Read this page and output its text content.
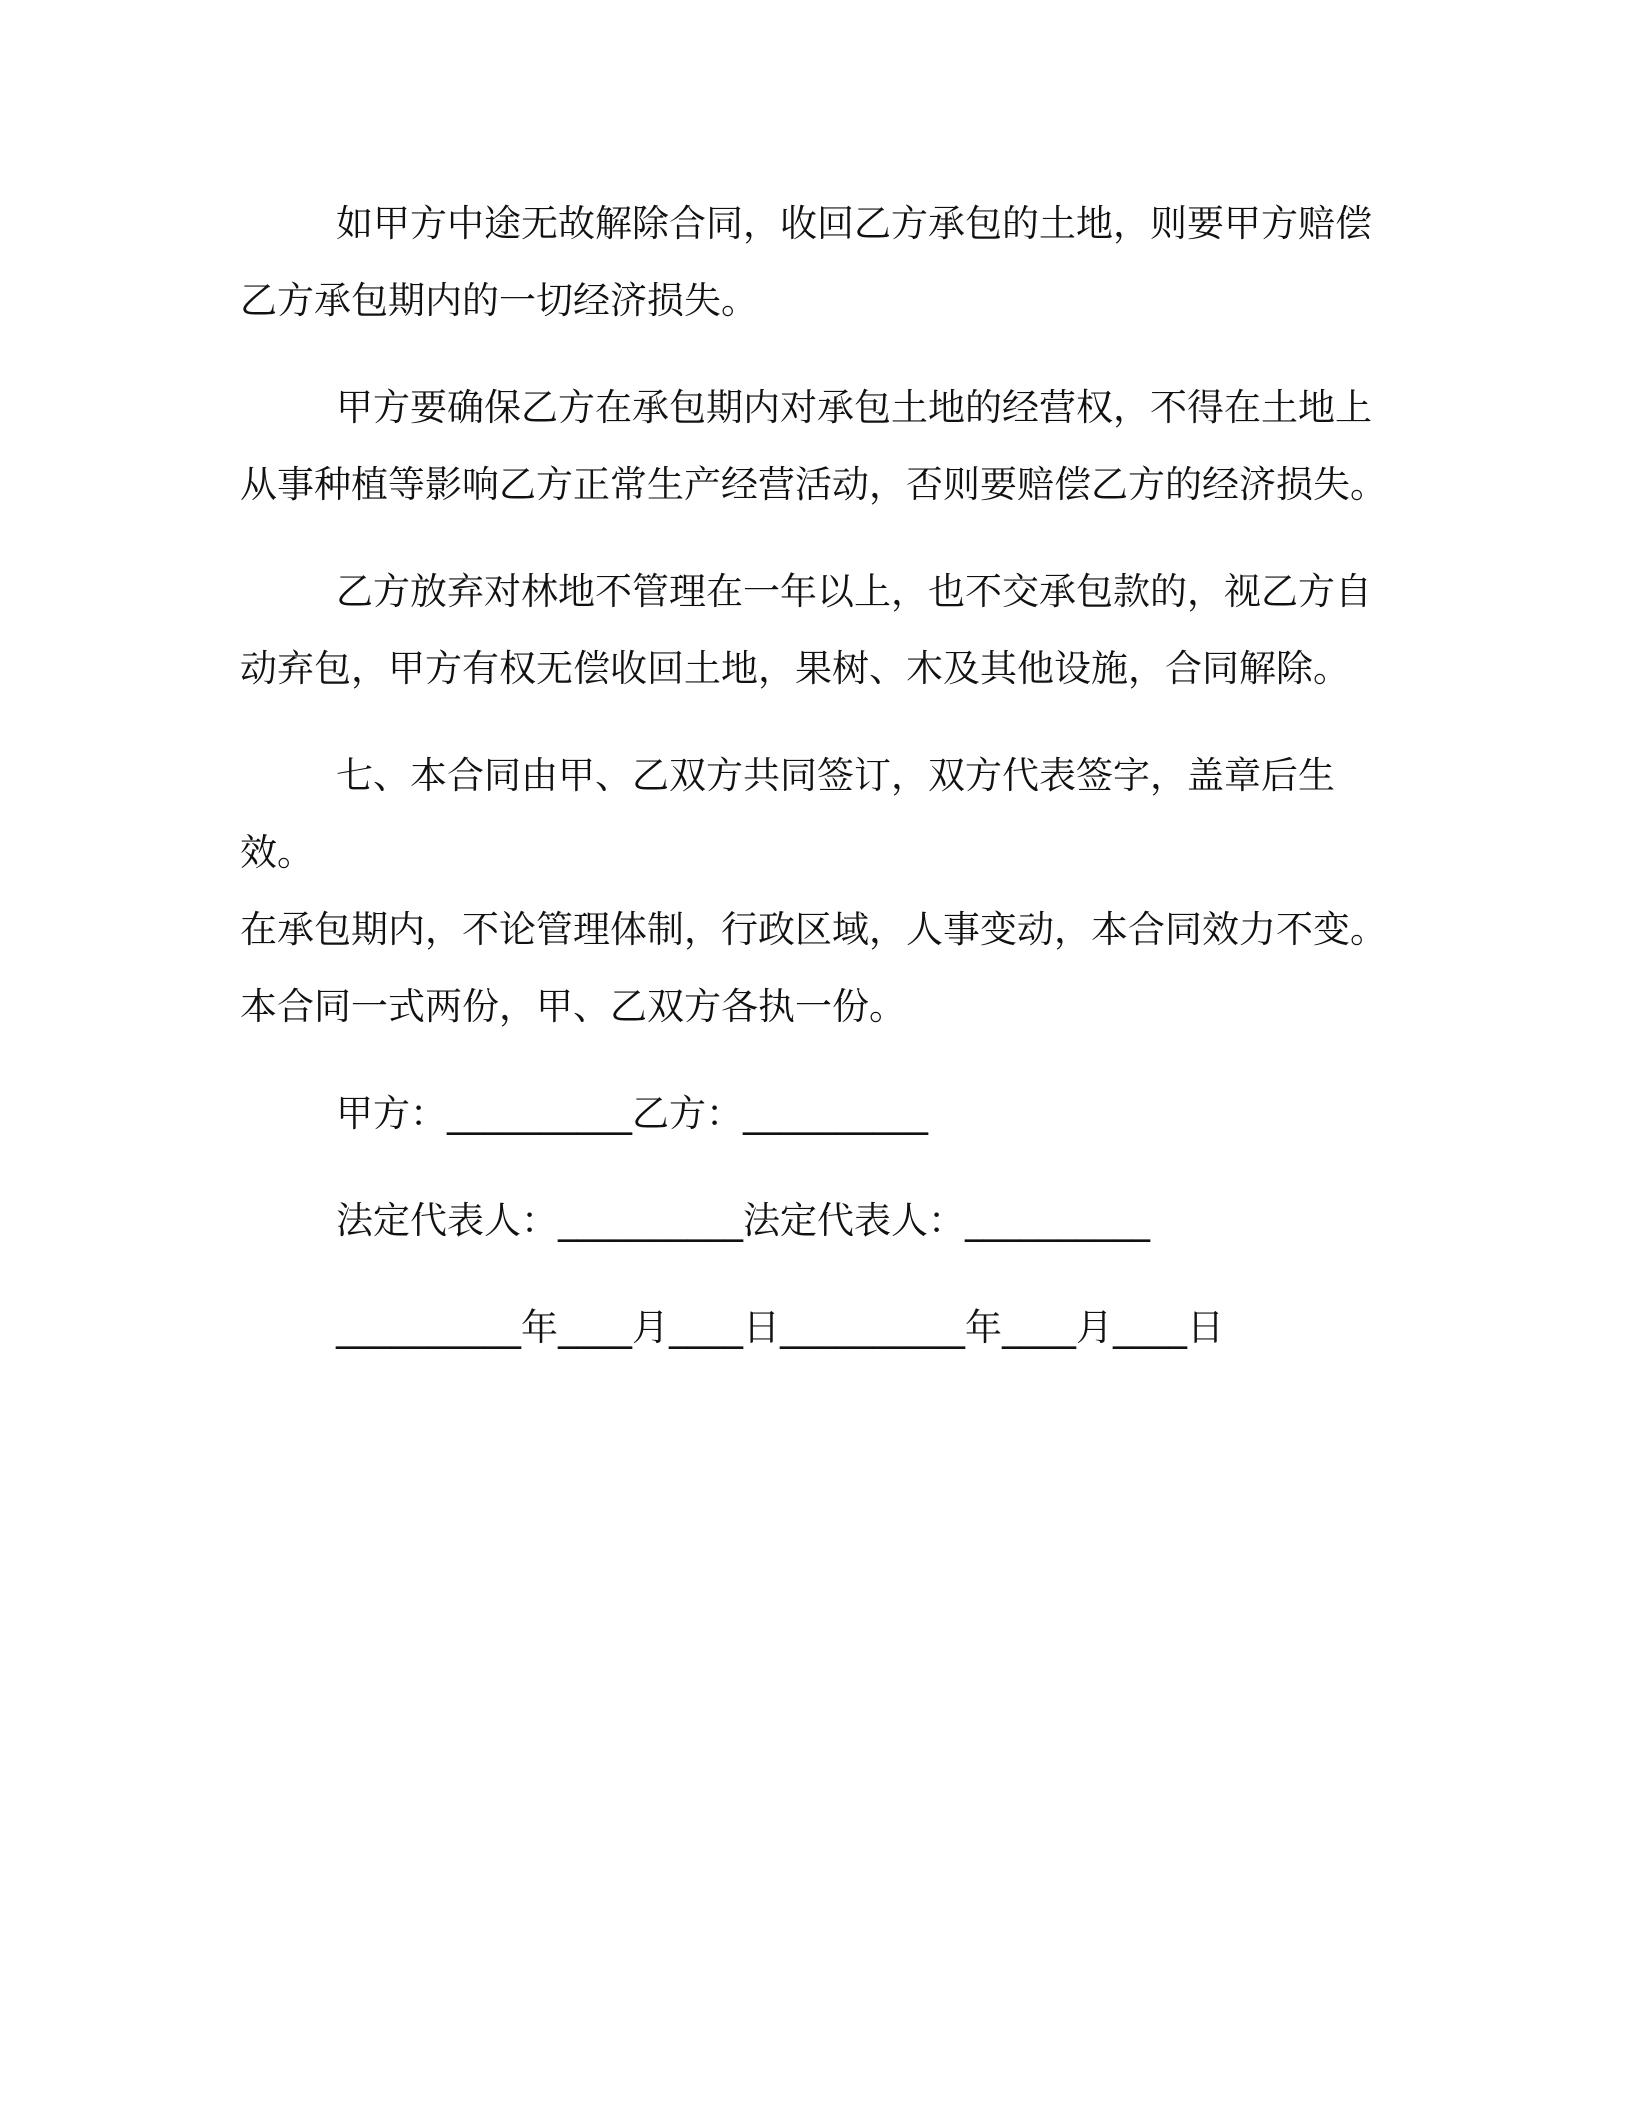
如甲方中途无故解除合同，收回乙方承包的土地，则要甲方赔偿
乙方承包期内的一切经济损失。
甲方要确保乙方在承包期内对承包土地的经营权，不得在土地上
从事种植等影响乙方正常生产经营活动，否则要赔偿乙方的经济损失。
乙方放弃对林地不管理在一年以上，也不交承包款的，视乙方自
动弃包，甲方有权无偿收回土地，果树、木及其他设施，合同解除。
七、本合同由甲、乙双方共同签订，双方代表签字，盖章后生效。
在承包期内，不论管理体制，行政区域，人事变动，本合同效力不变。
本合同一式两份，甲、乙双方各执一份。
甲方：__________乙方：__________
法定代表人：__________法定代表人：__________
__________年____月____日__________年____月____日
